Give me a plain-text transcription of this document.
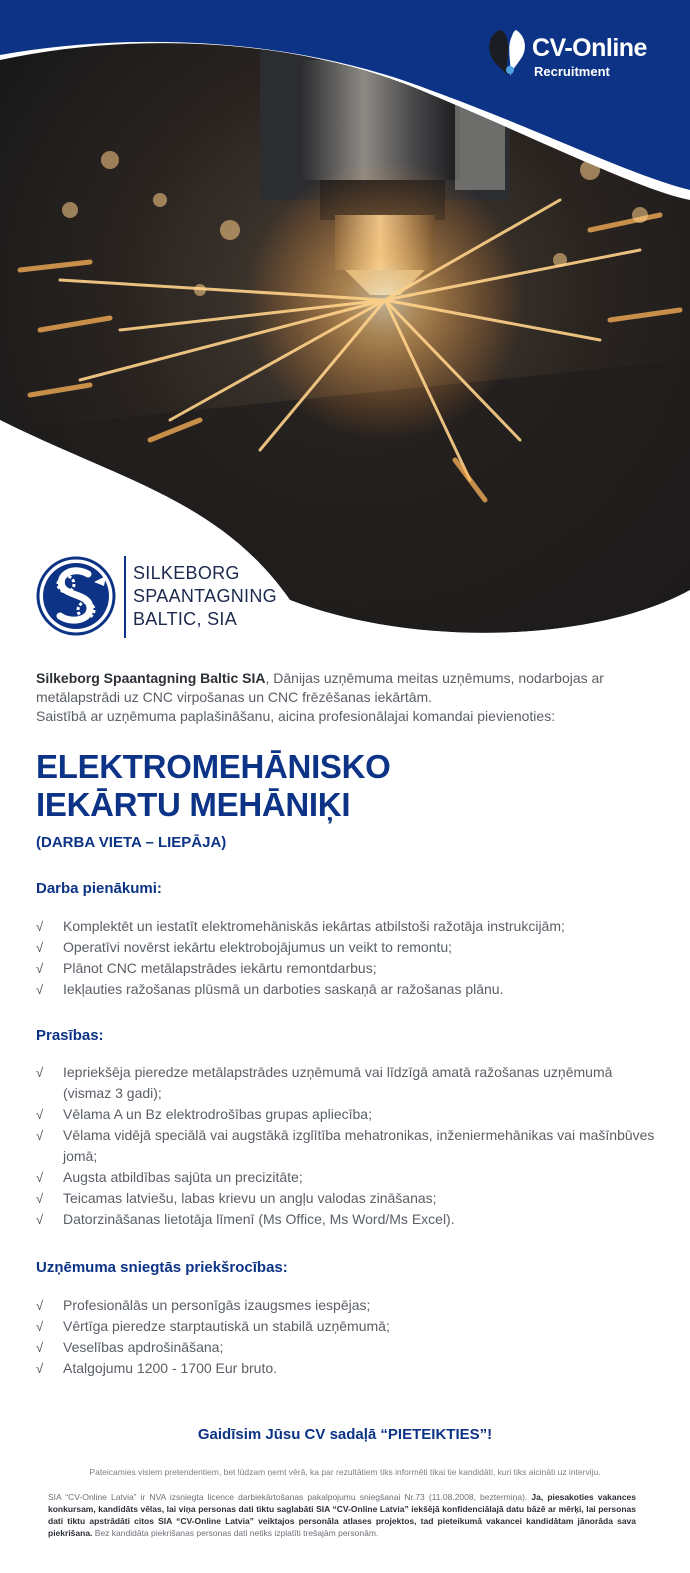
CV-Online
Recruitment
SILKEBORG
SPAANTAGNING
BALTIC, SIA

Silkeborg Spaantagning Baltic SIA, Dānijas uzņēmuma meitas uzņēmums, nodarbojas ar

metālapstrādi uz CNC virpošanas un CNC frēzēšanas iekārtām.

Saistībā ar uzņēmuma paplašināšanu, aicina profesionālajai komandai pievienoties:

ELEKTROMEHĀNISKO
IEKĀRTU MEHĀNIĶI
(DARBA VIETA – LIEPĀJA)
Darba pienākumi:
√ Komplektēt un iestatīt elektromehāniskās iekārtas atbilstoši ražotāja instrukcijām;
√ Operatīvi novērst iekārtu elektrobojājumus un veikt to remontu;
√ Plānot CNC metālapstrādes iekārtu remontdarbus;
√ Iekļauties ražošanas plūsmā un darboties saskaņā ar ražošanas plānu.
Prasības:
√ Iepriekšēja pieredze metālapstrādes uzņēmumā vai līdzīgā amatā ražošanas uzņēmumā (vismaz 3 gadi);
√ Vēlama A un Bz elektrodrošības grupas apliecība;
√ Vēlama vidējā speciālā vai augstākā izglītība mehatronikas, inženiermehānikas vai mašīnbūves jomā;
√ Augsta atbildības sajūta un precizitāte;
√ Teicamas latviešu, labas krievu un angļu valodas zināšanas;
√ Datorzināšanas lietotāja līmenī (Ms Office, Ms Word/Ms Excel).
Uzņēmuma sniegtās priekšrocības:
√ Profesionālās un personīgās izaugsmes iespējas;
√ Vērtīga pieredze starptautiskā un stabilā uzņēmumā;
√ Veselības apdrošināšana;
√ Atalgojumu 1200 - 1700 Eur bruto.
Gaidīsim Jūsu CV sadaļā “PIETEIKTIES”!
Pateicamies visiem pretendentiem, bet lūdzam ņemt vērā, ka par rezultātiem tiks informēti tikai tie kandidāti, kuri tiks aicināti uz interviju.
SIA “CV-Online Latvia” ir NVA izsniegta licence darbiekārtošanas pakalpojumu sniegšanai Nr.73 (11.08.2008, beztermiņa). Ja, piesakoties vakances konkursam, kandidāts vēlas, lai viņa personas dati tiktu saglabāti SIA “CV-Online Latvia” iekšējā konfidenciālajā datu bāzē ar mērķi, lai personas dati tiktu apstrādāti citos SIA “CV-Online Latvia” veiktajos personāla atlases projektos, tad pieteikumā vakancei kandidātam jānorāda sava piekrišana. Bez kandidāta piekrišanas personas dati netiks izplatīti trešajām personām.
